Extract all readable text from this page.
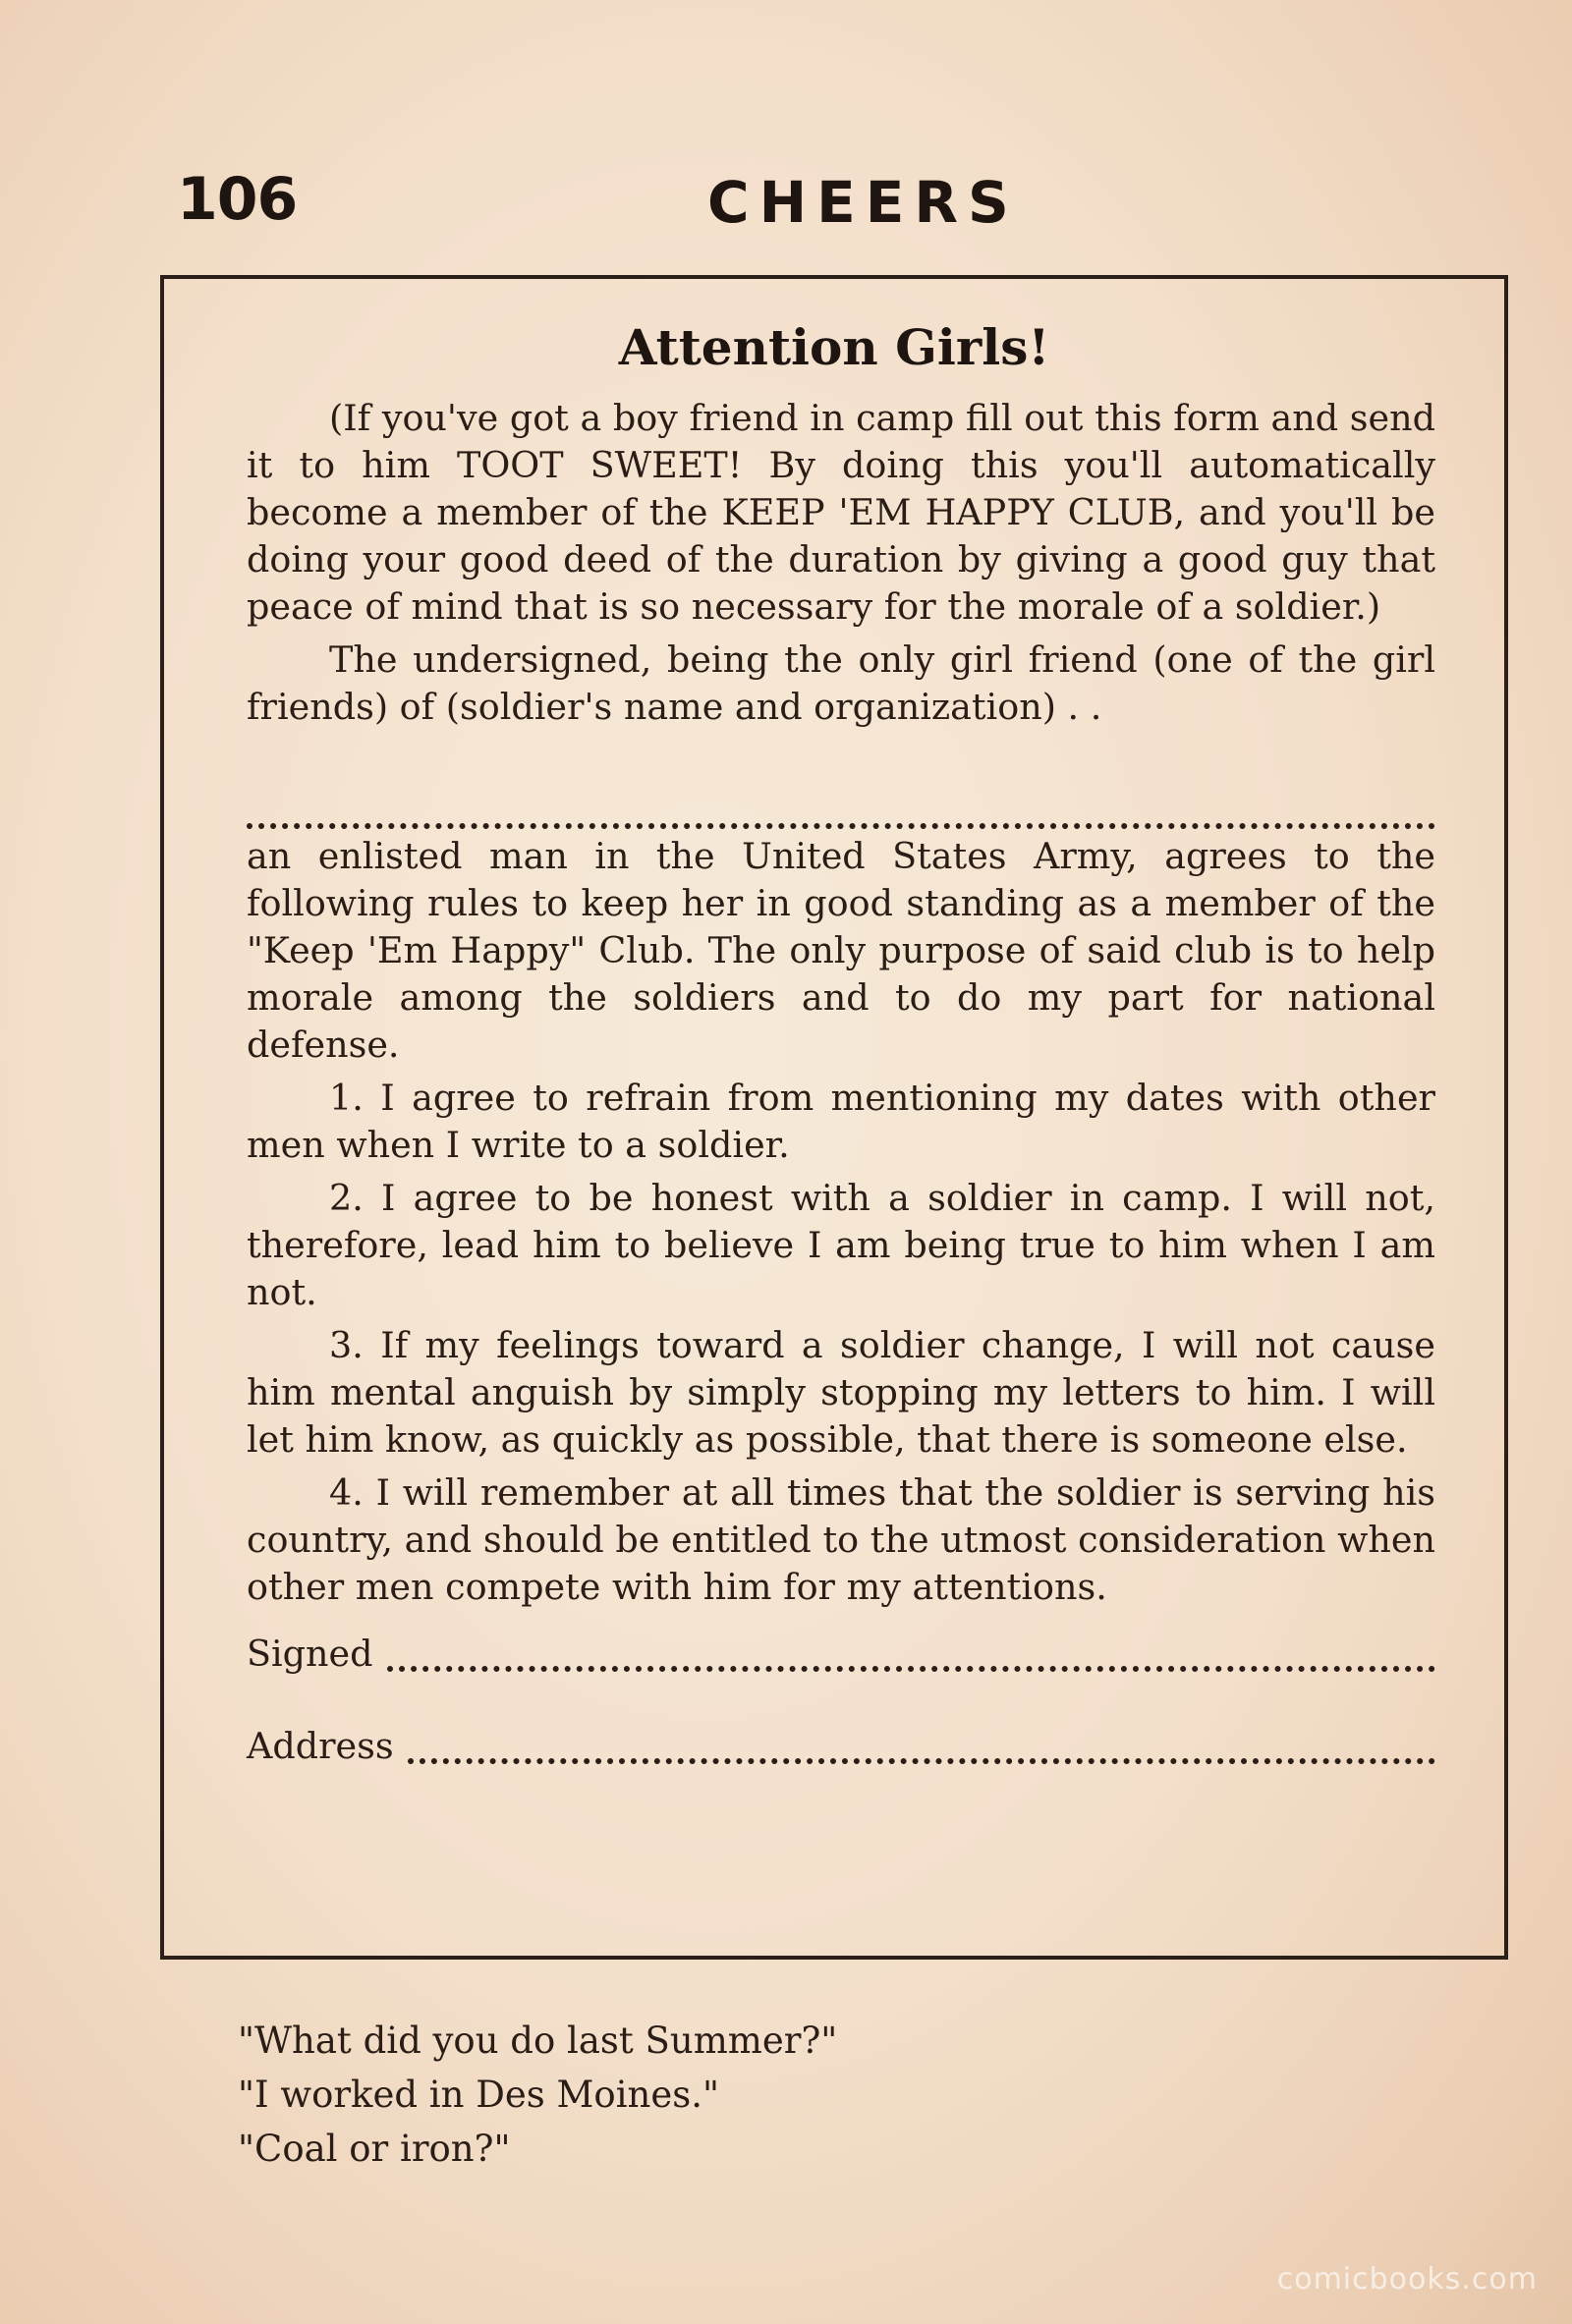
106	CHEERS
Attention Girls!

(If you've got a boy friend in camp fill out this form and send it to him TOOT SWEET! By doing this you'll automatically become a member of the KEEP 'EM HAPPY CLUB, and you'll be doing your good deed of the duration by giving a good guy that peace of mind that is so necessary for the morale of a soldier.)

The undersigned, being the only girl friend (one of the girl friends) of (soldier's name and organization) . .

an enlisted man in the United States Army, agrees to the following rules to keep her in good standing as a member of the "Keep 'Em Happy" Club. The only purpose of said club is to help morale among the soldiers and to do my part for national defense.

1. I agree to refrain from mentioning my dates with other men when I write to a soldier.
2. I agree to be honest with a soldier in camp. I will not, therefore, lead him to believe I am being true to him when I am not.
3. If my feelings toward a soldier change, I will not cause him mental anguish by simply stopping my letters to him. I will let him know, as quickly as possible, that there is someone else.
4. I will remember at all times that the soldier is serving his country, and should be entitled to the utmost consideration when other men compete with him for my attentions.
Signed
Address
"What did you do last Summer?"
"I worked in Des Moines."
"Coal or iron?"
comicbooks.com
